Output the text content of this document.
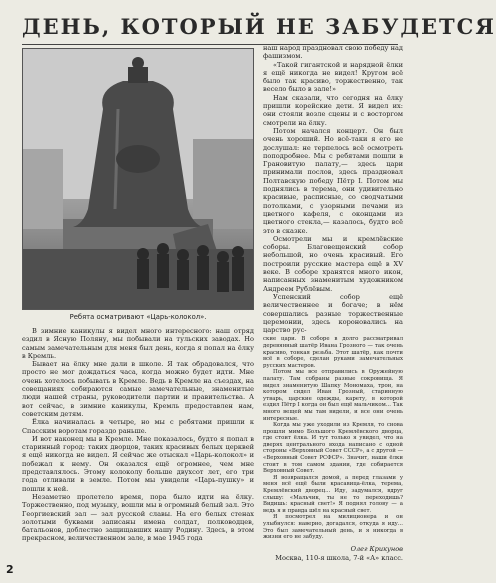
ДЕНЬ, КОТОРЫЙ НЕ ЗАБУДЕТСЯ
Ребята осматривают «Царь-колокол».

наш народ праздновал свою победу над фашизмом.

«Такой гигантской и нарядной ёлки я ещё никогда не видел! Кругом всё было так красиво, торжественно, так весело было в зале!»

Нам сказали, что сегодня на ёлку пришли корейские дети. Я видел их: они стояли возле сцены и с восторгом смотрели на ёлку.

Потом начался концерт. Он был очень хороший. Но всё-таки я его не дослушал: не терпелось всё осмотреть поподробнее. Мы с ребятами пошли в Грановитую палату,— здесь цари принимали послов, здесь праздновал Полтавскую победу Пётр I. Потом мы поднялись в терема, они удивительно красивые, расписные, со сводчатыми потолками, с узорными печами из цветного кафеля, с оконцами из цветного стекла,— казалось, будто всё это в сказке.

Осмотрели мы и кремлёвские соборы. Благовещенский собор небольшой, но очень красивый. Его построили русские мастера ещё в XV веке. В соборе хранятся много икон, написанных знаменитым художником Андреем Рублёвым.

Успенский собор ещё величественнее и богаче; в нём совершались разные торжественные церемонии, здесь короновались на царство рус-

В зимние каникулы я видел много интересного: наш отряд ездил в Ясную Поляну, мы побывали на тульских заводах. Но самым замечательным для меня был день, когда я попал на ёлку в Кремль.

Бывает на ёлку мне дали в школе. Я так обрадовался, что просто не мог дождаться часа, когда можно будет идти. Мне очень хотелось побывать в Кремле. Ведь в Кремле на съездах, на совещаниях собираются самые замечательные, знаменитые люди нашей страны, руководители партии и правительства. А вот сейчас, в зимние каникулы, Кремль предоставлен нам, советским детям.

Ёлка начиналась в четыре, но мы с ребятами пришли к Спасским воротам гораздо раньше.

И вот наконец мы в Кремле. Мне показалось, будто я попал в старинный город: таких дворцов, таких красивых белых церквей я ещё никогда не видел. Я сейчас же отыскал «Царь-колокол» и побежал к нему. Он оказался ещё огромнее, чем мне представлялось. Этому колоколу больше двухсот лет, его три года отливали в земле. Потом мы увидели «Царь-пушку» и пошли к ней.

Незаметно пролетело время, пора было идти на ёлку. Торжественно, под музыку, вошли мы в огромный белый зал. Это Георгиевский зал — зал русской славы. На его белых стенах золотыми буквами записаны имена солдат, полководцев, батальонов, доблестно защищавших нашу Родину. Здесь, в этом прекрасном, величественном зале, в мае 1945 года

ские цари. В соборе в долго рассматривал деревянный шатёр Ивана Грозного — так очень красиво, тонкая резьба. Этот шатёр, как почти всё в соборе, сделан руками замечательных русских мастеров.

Потом мы все отправились в Оружейную палату. Там собраны разные сокровища. Я видел знаменитую Шапку Мономаха, трон, на котором сидел Иван Грозный, старинную утварь, царские одежды, карету, в которой ездил Пётр I когда он был ещё мальчиком... Так много вещей мы там видели, и все они очень интересные.

Когда мы уже уходили из Кремля, то снова прошли мимо Большого Кремлёвского дворца, где стоит ёлка. И тут только я увидел, что на дверях центрального входа написано с одной стороны «Верховный Совет СССР», а с другой — «Верховный Совет РСФСР». Значит, наши ёлки стоит в том самом здании, где собирается Верховный Совет.

Я возвращался домой, а перед глазами у меня всё ещё были красавица-ёлка, терема, Кремлёвский дворец... Иду, задумался, вдруг слышу: «Мальчик, ты не то переходишь? Видишь: красный свет!» Я поднял голову — а ведь я и правда шёл на красный свет.

Я посмотрел на милиционера и он улыбнулся: наверно, догадался, откуда я иду... Это был замечательный день, и я никогда в жизни его не забуду.

Олег Крикунов
Москва, 110-я школа, 7-й «А» класс.
2
